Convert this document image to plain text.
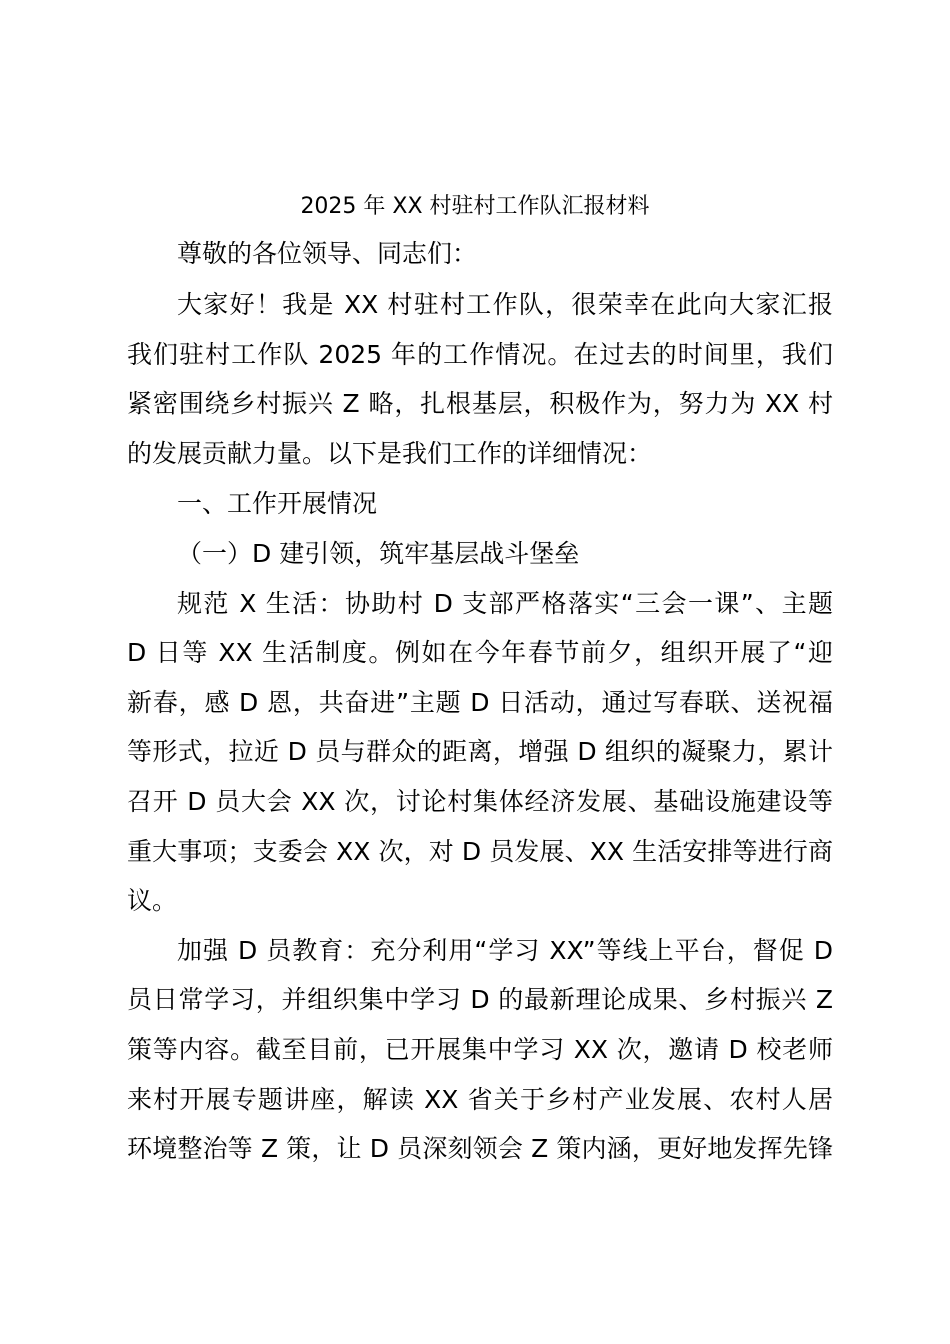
2025 年 XX 村驻村工作队汇报材料
尊敬的各位领导、同志们：
大家好！我是 XX 村驻村工作队，很荣幸在此向大家汇报
我们驻村工作队 2025 年的工作情况。在过去的时间里，我们
紧密围绕乡村振兴 Z 略，扎根基层，积极作为，努力为 XX 村
的发展贡献力量。以下是我们工作的详细情况：
一、工作开展情况
（一）D 建引领，筑牢基层战斗堡垒
规范 X 生活：协助村 D 支部严格落实“三会一课”、主题
D 日等 XX 生活制度。例如在今年春节前夕，组织开展了“迎
新春，感 D 恩，共奋进”主题 D 日活动，通过写春联、送祝福
等形式，拉近 D 员与群众的距离，增强 D 组织的凝聚力，累计
召开 D 员大会 XX 次，讨论村集体经济发展、基础设施建设等
重大事项；支委会 XX 次，对 D 员发展、XX 生活安排等进行商
议。
加强 D 员教育：充分利用“学习 XX”等线上平台，督促 D
员日常学习，并组织集中学习 D 的最新理论成果、乡村振兴 Z
策等内容。截至目前，已开展集中学习 XX 次，邀请 D 校老师
来村开展专题讲座，解读 XX 省关于乡村产业发展、农村人居
环境整治等 Z 策，让 D 员深刻领会 Z 策内涵，更好地发挥先锋
